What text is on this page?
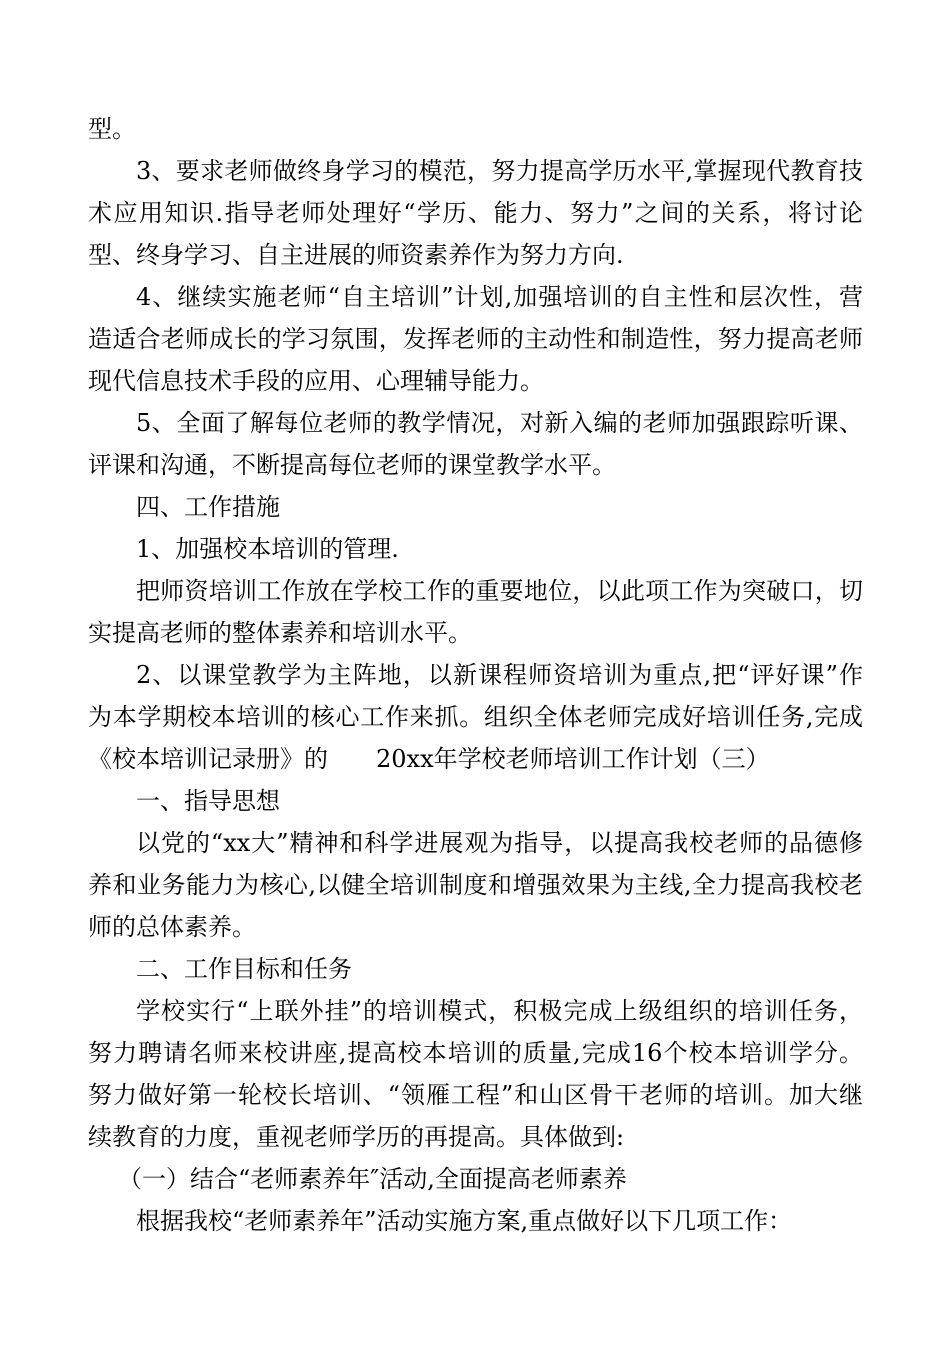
型。
3、要求老师做终身学习的模范，努力提高学历水平,掌握现代教育技
术应用知识.指导老师处理好“学历、能力、努力”之间的关系，将讨论
型、终身学习、自主进展的师资素养作为努力方向.
4、继续实施老师“自主培训”计划,加强培训的自主性和层次性，营
造适合老师成长的学习氛围，发挥老师的主动性和制造性，努力提高老师
现代信息技术手段的应用、心理辅导能力。
5、全面了解每位老师的教学情况，对新入编的老师加强跟踪听课、
评课和沟通，不断提高每位老师的课堂教学水平。
四、工作措施
1、加强校本培训的管理.
把师资培训工作放在学校工作的重要地位，以此项工作为突破口，切
实提高老师的整体素养和培训水平。
2、以课堂教学为主阵地，以新课程师资培训为重点,把“评好课”作
为本学期校本培训的核心工作来抓。组织全体老师完成好培训任务,完成
《校本培训记录册》的　　20xx年学校老师培训工作计划（三）
一、指导思想
以党的“xx大”精神和科学进展观为指导，以提高我校老师的品德修
养和业务能力为核心,以健全培训制度和增强效果为主线,全力提高我校老
师的总体素养。
二、工作目标和任务
学校实行“上联外挂”的培训模式，积极完成上级组织的培训任务，
努力聘请名师来校讲座,提高校本培训的质量,完成16个校本培训学分。
努力做好第一轮校长培训、“领雁工程”和山区骨干老师的培训。加大继
续教育的力度，重视老师学历的再提高。具体做到:
（一）结合“老师素养年″活动,全面提高老师素养
根据我校“老师素养年”活动实施方案,重点做好以下几项工作：
